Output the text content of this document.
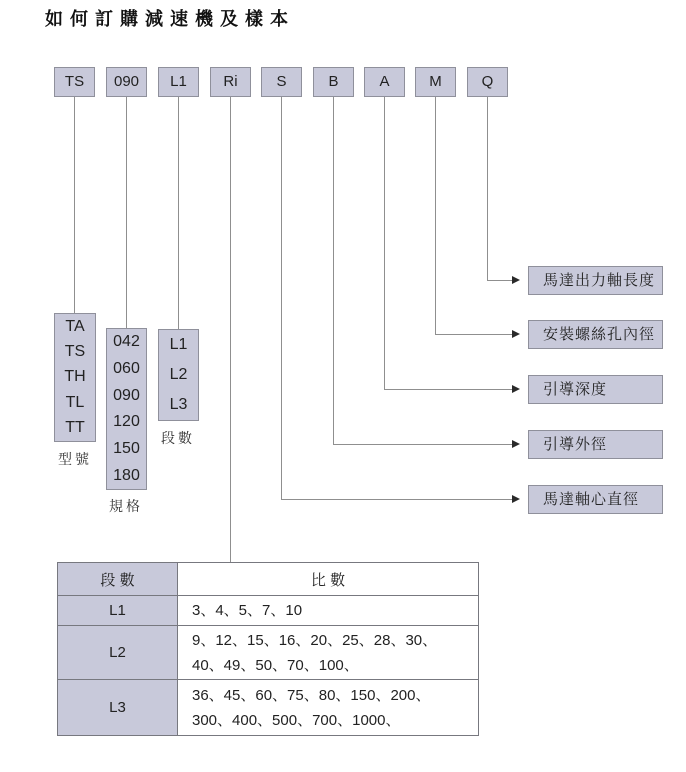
如何訂購減速機及樣本
TS	090	L1	Ri	S	B	A	M	Q
TA
TS
TH
TL
TT
型號
042
060
090
120
150
180
規格
L1
L2
L3
段數
馬達出力軸長度
安裝螺絲孔內徑
引導深度
引導外徑
馬達軸心直徑
段 數	比 數
L1	3、4、5、7、10

L2	9、12、15、16、20、25、28、30、
40、49、50、70、100、

L3	36、45、60、75、80、150、200、
300、400、500、700、1000、
